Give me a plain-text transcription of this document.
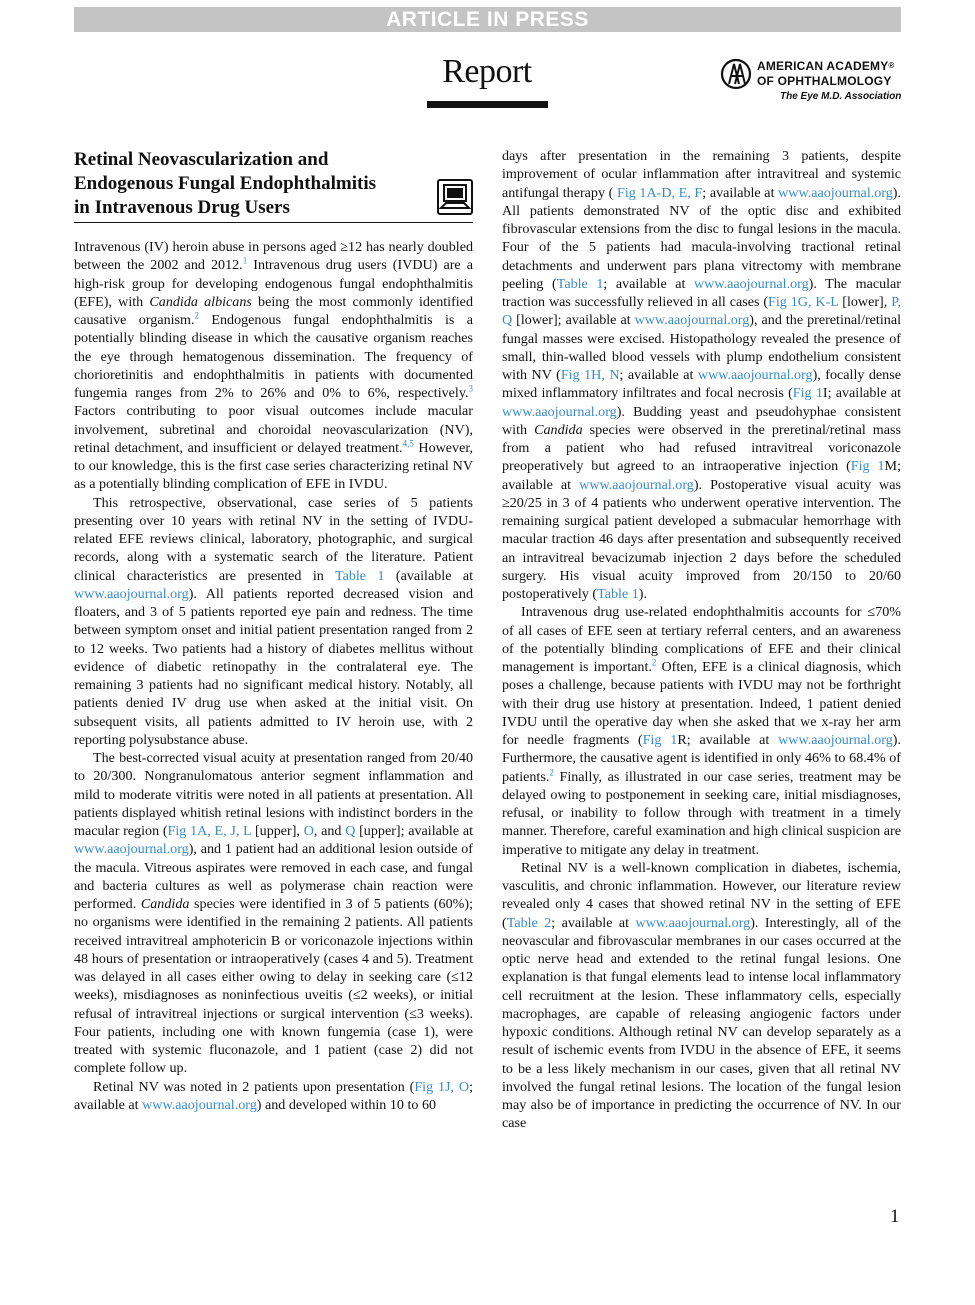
ARTICLE IN PRESS
Report	AMERICAN ACADEMY®
OF OPHTHALMOLOGY
The Eye M.D. Association
Retinal Neovascularization and
Endogenous Fungal Endophthalmitis
in Intravenous Drug Users

Intravenous (IV) heroin abuse in persons aged ≥12 has nearly doubled between the 2002 and 2012.$^1$ Intravenous drug users (IVDU) are a high-risk group for developing endogenous fungal endophthalmitis (EFE), with Candida albicans being the most commonly identified causative organism.$^2$ Endogenous fungal endophthalmitis is a potentially blinding disease in which the causative organism reaches the eye through hematogenous dissemination. The frequency of chorioretinitis and endophthalmitis in patients with documented fungemia ranges from 2% to 26% and 0% to 6%, respectively.$^3$ Factors contributing to poor visual outcomes include macular involvement, subretinal and choroidal neovascularization (NV), retinal detachment, and insufficient or delayed treatment.$^{4,5}$ However, to our knowledge, this is the first case series characterizing retinal NV as a potentially blinding complication of EFE in IVDU.

This retrospective, observational, case series of 5 patients presenting over 10 years with retinal NV in the setting of IVDU-related EFE reviews clinical, laboratory, photographic, and surgical records, along with a systematic search of the literature. Patient clinical characteristics are presented in Table 1 (available at www.aaojournal.org). All patients reported decreased vision and floaters, and 3 of 5 patients reported eye pain and redness. The time between symptom onset and initial patient presentation ranged from 2 to 12 weeks. Two patients had a history of diabetes mellitus without evidence of diabetic retinopathy in the contralateral eye. The remaining 3 patients had no significant medical history. Notably, all patients denied IV drug use when asked at the initial visit. On subsequent visits, all patients admitted to IV heroin use, with 2 reporting polysubstance abuse.

The best-corrected visual acuity at presentation ranged from 20/40 to 20/300. Nongranulomatous anterior segment inflammation and mild to moderate vitritis were noted in all patients at presentation. All patients displayed whitish retinal lesions with indistinct borders in the macular region (Fig 1A, E, J, L [upper], O, and Q [upper]; available at www.aaojournal.org), and 1 patient had an additional lesion outside of the macula. Vitreous aspirates were removed in each case, and fungal and bacteria cultures as well as polymerase chain reaction were performed. Candida species were identified in 3 of 5 patients (60%); no organisms were identified in the remaining 2 patients. All patients received intravitreal amphotericin B or voriconazole injections within 48 hours of presentation or intraoperatively (cases 4 and 5). Treatment was delayed in all cases either owing to delay in seeking care (≤12 weeks), misdiagnoses as noninfectious uveitis (≤2 weeks), or initial refusal of intravitreal injections or surgical intervention (≤3 weeks). Four patients, including one with known fungemia (case 1), were treated with systemic fluconazole, and 1 patient (case 2) did not complete follow up.

Retinal NV was noted in 2 patients upon presentation (Fig 1J, O; available at www.aaojournal.org) and developed within 10 to 60

days after presentation in the remaining 3 patients, despite improvement of ocular inflammation after intravitreal and systemic antifungal therapy ( Fig 1A-D, E, F; available at www.aaojournal.org). All patients demonstrated NV of the optic disc and exhibited fibrovascular extensions from the disc to fungal lesions in the macula. Four of the 5 patients had macula-involving tractional retinal detachments and underwent pars plana vitrectomy with membrane peeling (Table 1; available at www.aaojournal.org). The macular traction was successfully relieved in all cases (Fig 1G, K-L [lower], P, Q [lower]; available at www.aaojournal.org), and the preretinal/retinal fungal masses were excised. Histopathology revealed the presence of small, thin-walled blood vessels with plump endothelium consistent with NV (Fig 1H, N; available at www.aaojournal.org), focally dense mixed inflammatory infiltrates and focal necrosis (Fig 1I; available at www.aaojournal.org). Budding yeast and pseudohyphae consistent with Candida species were observed in the preretinal/retinal mass from a patient who had refused intravitreal voriconazole preoperatively but agreed to an intraoperative injection (Fig 1M; available at www.aaojournal.org). Postoperative visual acuity was ≥20/25 in 3 of 4 patients who underwent operative intervention. The remaining surgical patient developed a submacular hemorrhage with macular traction 46 days after presentation and subsequently received an intravitreal bevacizumab injection 2 days before the scheduled surgery. His visual acuity improved from 20/150 to 20/60 postoperatively (Table 1).

Intravenous drug use-related endophthalmitis accounts for ≤70% of all cases of EFE seen at tertiary referral centers, and an awareness of the potentially blinding complications of EFE and their clinical management is important.$^2$ Often, EFE is a clinical diagnosis, which poses a challenge, because patients with IVDU may not be forthright with their drug use history at presentation. Indeed, 1 patient denied IVDU until the operative day when she asked that we x-ray her arm for needle fragments (Fig 1R; available at www.aaojournal.org). Furthermore, the causative agent is identified in only 46% to 68.4% of patients.$^2$ Finally, as illustrated in our case series, treatment may be delayed owing to postponement in seeking care, initial misdiagnoses, refusal, or inability to follow through with treatment in a timely manner. Therefore, careful examination and high clinical suspicion are imperative to mitigate any delay in treatment.

Retinal NV is a well-known complication in diabetes, ischemia, vasculitis, and chronic inflammation. However, our literature review revealed only 4 cases that showed retinal NV in the setting of EFE (Table 2; available at www.aaojournal.org). Interestingly, all of the neovascular and fibrovascular membranes in our cases occurred at the optic nerve head and extended to the retinal fungal lesions. One explanation is that fungal elements lead to intense local inflammatory cell recruitment at the lesion. These inflammatory cells, especially macrophages, are capable of releasing angiogenic factors under hypoxic conditions. Although retinal NV can develop separately as a result of ischemic events from IVDU in the absence of EFE, it seems to be a less likely mechanism in our cases, given that all retinal NV involved the fungal retinal lesions. The location of the fungal lesion may also be of importance in predicting the occurrence of NV. In our case

1
